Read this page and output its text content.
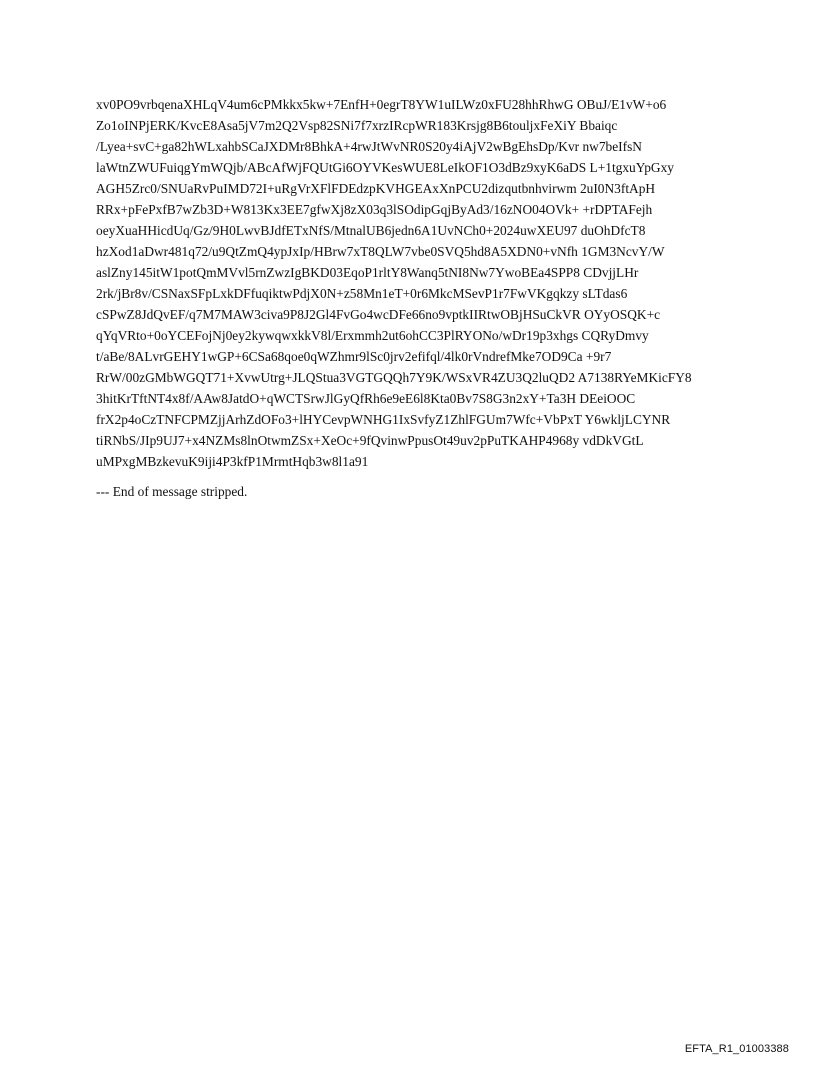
xv0PO9vrbqenaXHLqV4um6cPMkkx5kw+7EnfH+0egrT8YW1uILWz0xFU28hhRhwG OBuJ/E1vW+o6

Zo1oINPjERK/KvcE8Asa5jV7m2Q2Vsp82SNi7f7xrzIRcpWR183Krsjg8B6touljxFeXiY Bbaiqc

/Lyea+svC+ga82hWLxahbSCaJXDMr8BhkA+4rwJtWvNR0S20y4iAjV2wBgEhsDp/Kvr nw7beIfsN

laWtnZWUFuiqgYmWQjb/ABcAfWjFQUtGi6OYVKesWUE8LeIkOF1O3dBz9xyK6aDS L+1tgxuYpGxy

AGH5Zrc0/SNUaRvPuIMD72I+uRgVrXFlFDEdzpKVHGEAxXnPCU2dizqutbnhvirwm 2uI0N3ftApH

RRx+pFePxfB7wZb3D+W813Kx3EE7gfwXj8zX03q3lSOdipGqjByAd3/16zNO04OVk+ +rDPTAFejh

oeyXuaHHicdUq/Gz/9H0LwvBJdfETxNfS/MtnalUB6jedn6A1UvNCh0+2024uwXEU97 duOhDfcT8

hzXod1aDwr481q72/u9QtZmQ4ypJxIp/HBrw7xT8QLW7vbe0SVQ5hd8A5XDN0+vNfh 1GM3NcvY/W

aslZny145itW1potQmMVvl5rnZwzIgBKD03EqoP1rltY8Wanq5tNI8Nw7YwoBEa4SPP8 CDvjjLHr

2rk/jBr8v/CSNaxSFpLxkDFfuqiktwPdjX0N+z58Mn1eT+0r6MkcMSevP1r7FwVKgqkzy sLTdas6

cSPwZ8JdQvEF/q7M7MAW3civa9P8J2Gl4FvGo4wcDFe66no9vptkIIRtwOBjHSuCkVR OYyOSQK+c

qYqVRto+0oYCEFojNj0ey2kywqwxkkV8l/Erxmmh2ut6ohCC3PlRYONo/wDr19p3xhgs CQRyDmvy

t/aBe/8ALvrGEHY1wGP+6CSa68qoe0qWZhmr9lSc0jrv2efifql/4lk0rVndrefMke7OD9Ca +9r7

RrW/00zGMbWGQT71+XvwUtrg+JLQStua3VGTGQQh7Y9K/WSxVR4ZU3Q2luQD2 A7138RYeMKicFY8

3hitKrTftNT4x8f/AAw8JatdO+qWCTSrwJlGyQfRh6e9eE6l8Kta0Bv7S8G3n2xY+Ta3H DEeiOOC

frX2p4oCzTNFCPMZjjArhZdOFo3+lHYCevpWNHG1IxSvfyZ1ZhlFGUm7Wfc+VbPxT Y6wkljLCYNR

tiRNbS/JIp9UJ7+x4NZMs8lnOtwmZSx+XeOc+9fQvinwPpusOt49uv2pPuTKAHP4968y vdDkVGtL

uMPxgMBzkevuK9iji4P3kfP1MrmtHqb3w8l1a91

--- End of message stripped.

EFTA_R1_01003388
